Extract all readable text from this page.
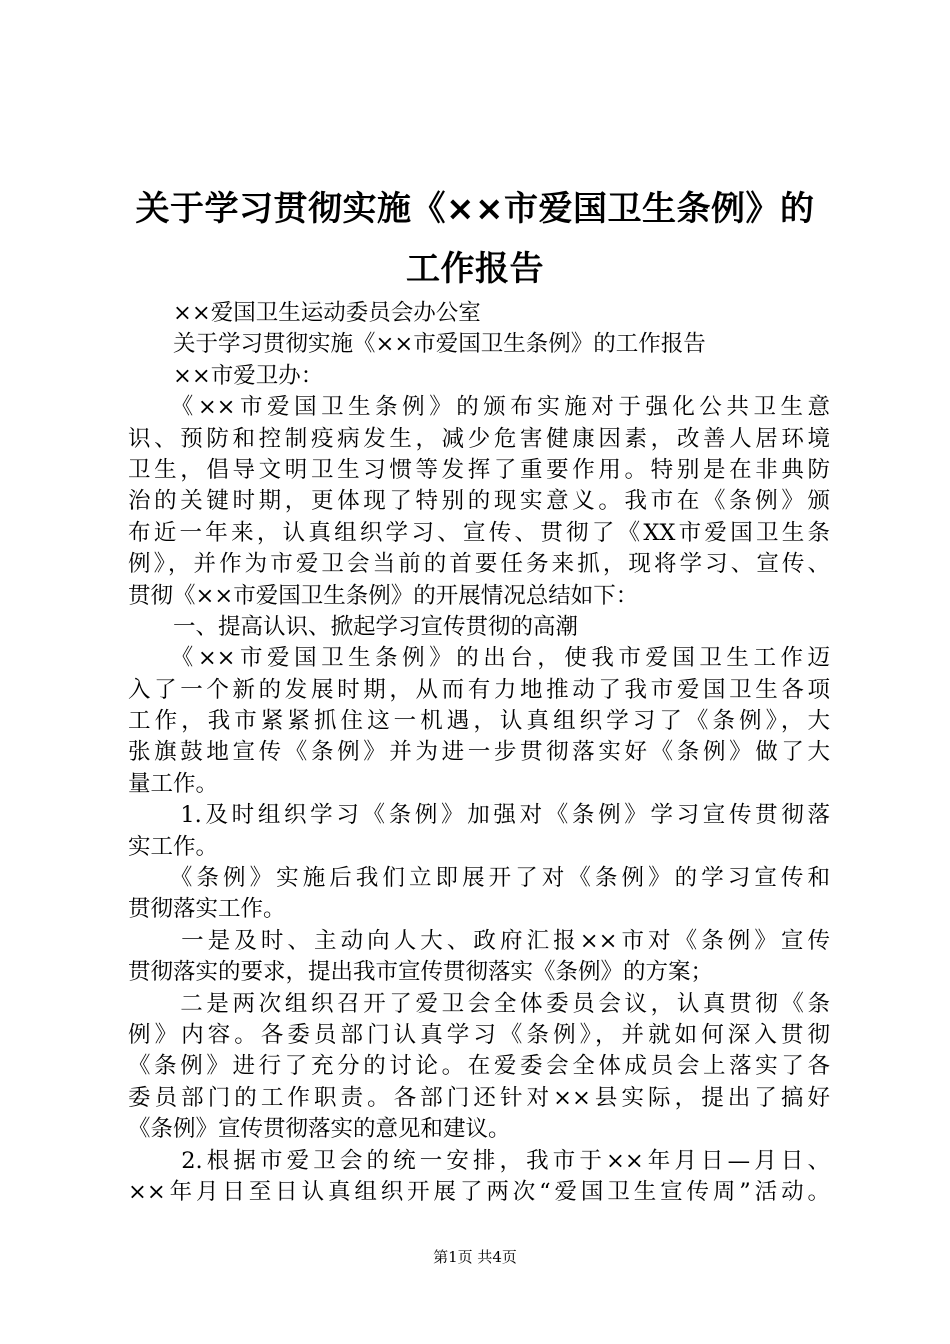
关于学习贯彻实施《××市爱国卫生条例》的
工作报告
　　××爱国卫生运动委员会办公室
　　关于学习贯彻实施《××市爱国卫生条例》的工作报告
　　××市爱卫办：
　　《××市爱国卫生条例》的颁布实施对于强化公共卫生意
识、预防和控制疫病发生，减少危害健康因素，改善人居环境
卫生，倡导文明卫生习惯等发挥了重要作用。特别是在非典防
治的关键时期，更体现了特别的现实意义。我市在《条例》颁
布近一年来，认真组织学习、宣传、贯彻了《XX市爱国卫生条
例》，并作为市爱卫会当前的首要任务来抓，现将学习、宣传、
贯彻《××市爱国卫生条例》的开展情况总结如下：
　　一、提高认识、掀起学习宣传贯彻的高潮
　　《××市爱国卫生条例》的出台，使我市爱国卫生工作迈
入了一个新的发展时期，从而有力地推动了我市爱国卫生各项
工作，我市紧紧抓住这一机遇，认真组织学习了《条例》，大
张旗鼓地宣传《条例》并为进一步贯彻落实好《条例》做了大
量工作。
　　1.及时组织学习《条例》加强对《条例》学习宣传贯彻落
实工作。
　　《条例》实施后我们立即展开了对《条例》的学习宣传和
贯彻落实工作。
　　一是及时、主动向人大、政府汇报××市对《条例》宣传
贯彻落实的要求，提出我市宣传贯彻落实《条例》的方案；
　　二是两次组织召开了爱卫会全体委员会议，认真贯彻《条
例》内容。各委员部门认真学习《条例》，并就如何深入贯彻
《条例》进行了充分的讨论。在爱委会全体成员会上落实了各
委员部门的工作职责。各部门还针对××县实际，提出了搞好
《条例》宣传贯彻落实的意见和建议。
　　2.根据市爱卫会的统一安排，我市于××年月日—月日、
××年月日至日认真组织开展了两次“爱国卫生宣传周”活动。
第1页 共4页
